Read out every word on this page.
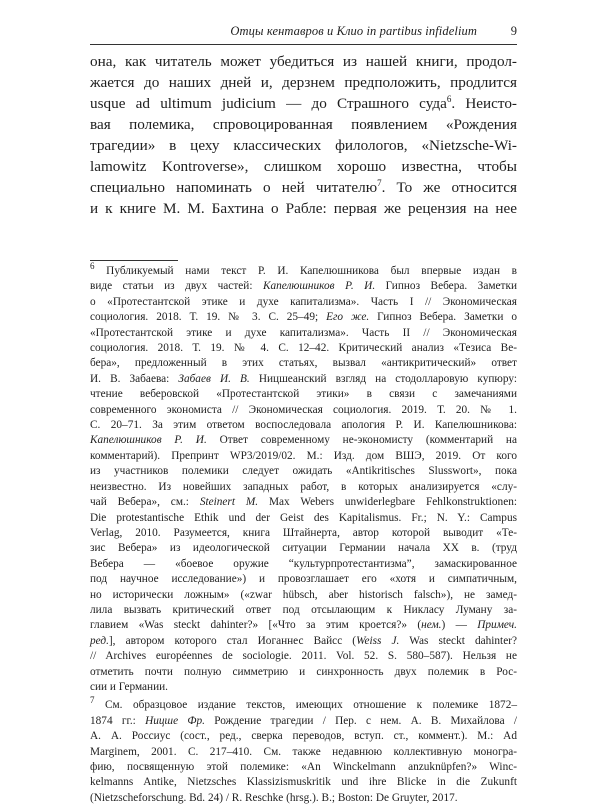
Отцы кентавров и Клио in partibus infidelium	9
она, как читатель может убедиться из нашей книги, продол-
жается до наших дней и, дерзнем предположить, продлится
usque ad ultimum judicium — до Страшного суда$^6$. Неисто-
вая полемика, спровоцированная появлением «Рождения
трагедии» в цеху классических филологов, «Nietzsche-Wi-
lamowitz Kontroverse», слишком хорошо известна, чтобы
специально напоминать о ней читателю$^7$. То же относится
и к книге М. М. Бахтина о Рабле: первая же рецензия на нее
$^6$ Публикуемый нами текст Р. И. Капелюшникова был впервые издан в
виде статьи из двух частей: Капелюшников Р. И. Гипноз Вебера. Заметки
о «Протестантской этике и духе капитализма». Часть I // Экономическая
социология. 2018. Т. 19. № 3. С. 25–49; Его же. Гипноз Вебера. Заметки о
«Протестантской этике и духе капитализма». Часть II // Экономическая
социология. 2018. Т. 19. № 4. С. 12–42. Критический анализ «Тезиса Ве-
бера», предложенный в этих статьях, вызвал «антикритический» ответ
И. В. Забаева: Забаев И. В. Ницшеанский взгляд на стодолларовую купюру:
чтение веберовской «Протестантской этики» в связи с замечаниями
современного экономиста // Экономическая социология. 2019. Т. 20. № 1.
С. 20–71. За этим ответом воспоследовала апология Р. И. Капелюшникова:
Капелюшников Р. И. Ответ современному не-экономисту (комментарий на
комментарий). Препринт WP3/2019/02. М.: Изд. дом ВШЭ, 2019. От кого
из участников полемики следует ожидать «Antikritisches Slusswort», пока
неизвестно. Из новейших западных работ, в которых анализируется «слу-
чай Вебера», см.: Steinert M. Max Webers unwiderlegbare Fehlkonstruktionen:
Die protestantische Ethik und der Geist des Kapitalismus. Fr.; N. Y.: Campus
Verlag, 2010. Разумеется, книга Штайнерта, автор которой выводит «Те-
зис Вебера» из идеологической ситуации Германии начала XX в. (труд
Вебера — «боевое оружие “культурпротестантизма”, замаскированное
под научное исследование») и провозглашает его «хотя и симпатичным,
но исторически ложным» («zwar hübsch, aber historisch falsch»), не замед-
лила вызвать критический ответ под отсылающим к Никласу Луману за-
главием «Was steckt dahinter?» [«Что за этим кроется?» (нем.) — Примеч.
ред.], автором которого стал Иоганнес Вайсс (Weiss J. Was steckt dahinter?
// Archives européennes de sociologie. 2011. Vol. 52. S. 580–587). Нельзя не
отметить почти полную симметрию и синхронность двух полемик в Рос-
сии и Германии.
$^7$ См. образцовое издание текстов, имеющих отношение к полемике 1872–
1874 гг.: Ницше Фр. Рождение трагедии / Пер. с нем. А. В. Михайлова /
А. А. Россиус (сост., ред., сверка переводов, вступ. ст., коммент.). М.: Ad
Marginem, 2001. С. 217–410. См. также недавнюю коллективную моногра-
фию, посвященную этой полемике: «An Winckelmann anzuknüpfen?» Winc-
kelmanns Antike, Nietzsches Klassizismuskritik und ihre Blicke in die Zukunft
(Nietzscheforschung. Bd. 24) / R. Reschke (hrsg.). B.; Boston: De Gruyter, 2017.
